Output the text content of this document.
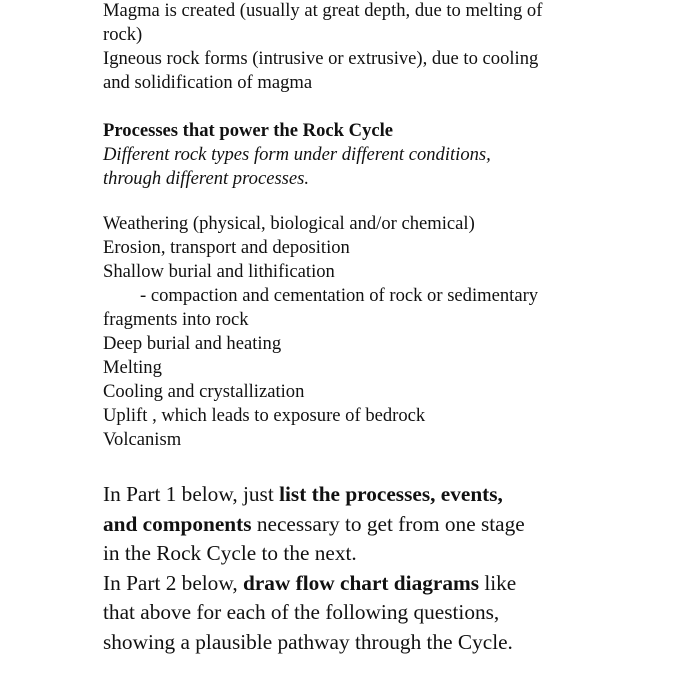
Magma is created (usually at great depth, due to melting of
rock)
Igneous rock forms (intrusive or extrusive), due to cooling
and solidification of magma
Processes that power the Rock Cycle
Different rock types form under different conditions,
through different processes.
Weathering (physical, biological and/or chemical)
Erosion, transport and deposition
Shallow burial and lithification
- compaction and cementation of rock or sedimentary
fragments into rock
Deep burial and heating
Melting
Cooling and crystallization
Uplift , which leads to exposure of bedrock
Volcanism
In Part 1 below, just list the processes, events,
and components necessary to get from one stage
in the Rock Cycle to the next.
In Part 2 below, draw flow chart diagrams like
that above for each of the following questions,
showing a plausible pathway through the Cycle.
